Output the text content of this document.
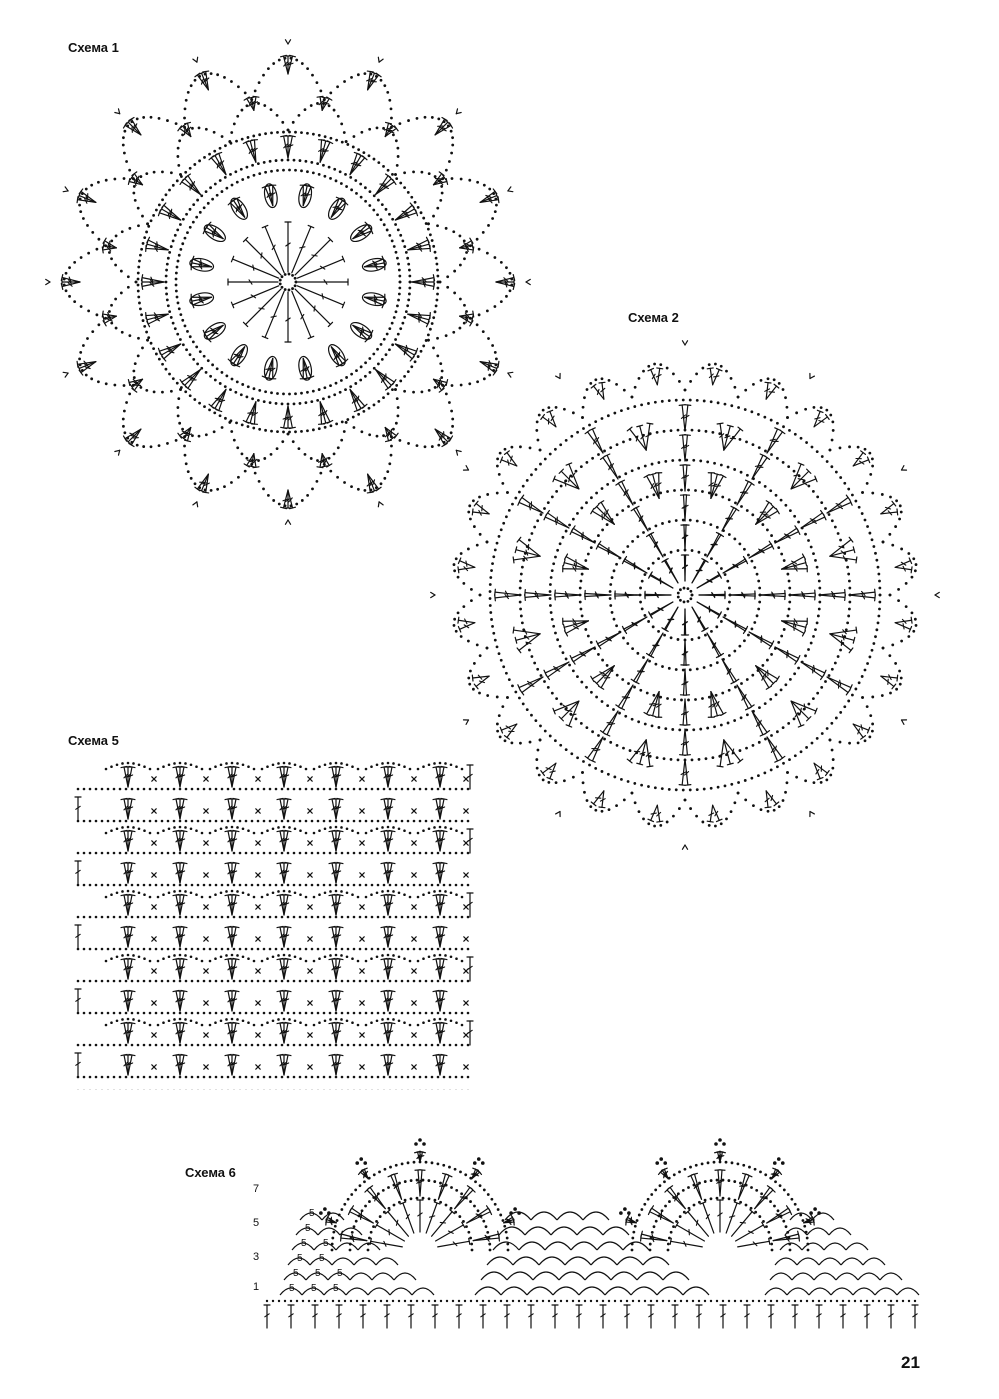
Схема 1
Схема 2
Схема 5
Схема 6
21
7
5
3
1	5 5 5
5 5 5
5 5
5 5
5
5
